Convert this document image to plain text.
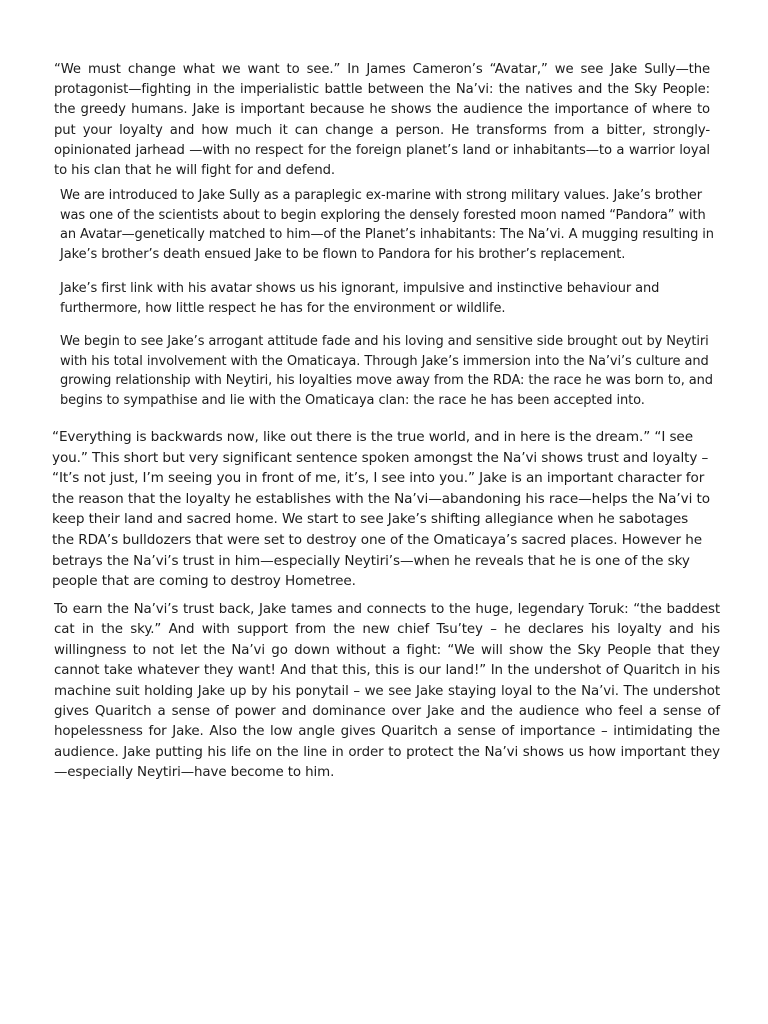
“We must change what we want to see.” In James Cameron’s “Avatar,” we see Jake Sully—the protagonist—fighting in the imperialistic battle between the Na’vi: the natives and the Sky People: the greedy humans. Jake is important because he shows the audience the importance of where to put your loyalty and how much it can change a person. He transforms from a bitter, strongly-opinionated jarhead —with no respect for the foreign planet’s land or inhabitants—to a warrior loyal to his clan that he will fight for and defend.

We are introduced to Jake Sully as a paraplegic ex-marine with strong military values. Jake’s brother was one of the scientists about to begin exploring the densely forested moon named “Pandora” with an Avatar—genetically matched to him—of the Planet’s inhabitants: The Na’vi. A mugging resulting in Jake’s brother’s death ensued Jake to be flown to Pandora for his brother’s replacement.

Jake’s first link with his avatar shows us his ignorant, impulsive and instinctive behaviour and furthermore, how little respect he has for the environment or wildlife.

We begin to see Jake’s arrogant attitude fade and his loving and sensitive side brought out by Neytiri with his total involvement with the Omaticaya. Through Jake’s immersion into the Na’vi’s culture and growing relationship with Neytiri, his loyalties move away from the RDA: the race he was born to, and begins to sympathise and lie with the Omaticaya clan: the race he has been accepted into.

“Everything is backwards now, like out there is the true world, and in here is the dream.” “I see you.” This short but very significant sentence spoken amongst the Na’vi shows trust and loyalty – “It’s not just, I’m seeing you in front of me, it’s, I see into you.” Jake is an important character for the reason that the loyalty he establishes with the Na’vi—abandoning his race—helps the Na’vi to keep their land and sacred home. We start to see Jake’s shifting allegiance when he sabotages the RDA’s bulldozers that were set to destroy one of the Omaticaya’s sacred places. However he betrays the Na’vi’s trust in him—especially Neytiri’s—when he reveals that he is one of the sky people that are coming to destroy Hometree.

To earn the Na’vi’s trust back, Jake tames and connects to the huge, legendary Toruk: “the baddest cat in the sky.” And with support from the new chief Tsu’tey – he declares his loyalty and his willingness to not let the Na’vi go down without a fight: “We will show the Sky People that they cannot take whatever they want! And that this, this is our land!” In the undershot of Quaritch in his machine suit holding Jake up by his ponytail – we see Jake staying loyal to the Na’vi. The undershot gives Quaritch a sense of power and dominance over Jake and the audience who feel a sense of hopelessness for Jake. Also the low angle gives Quaritch a sense of importance – intimidating the audience. Jake putting his life on the line in order to protect the Na’vi shows us how important they—especially Neytiri—have become to him.
